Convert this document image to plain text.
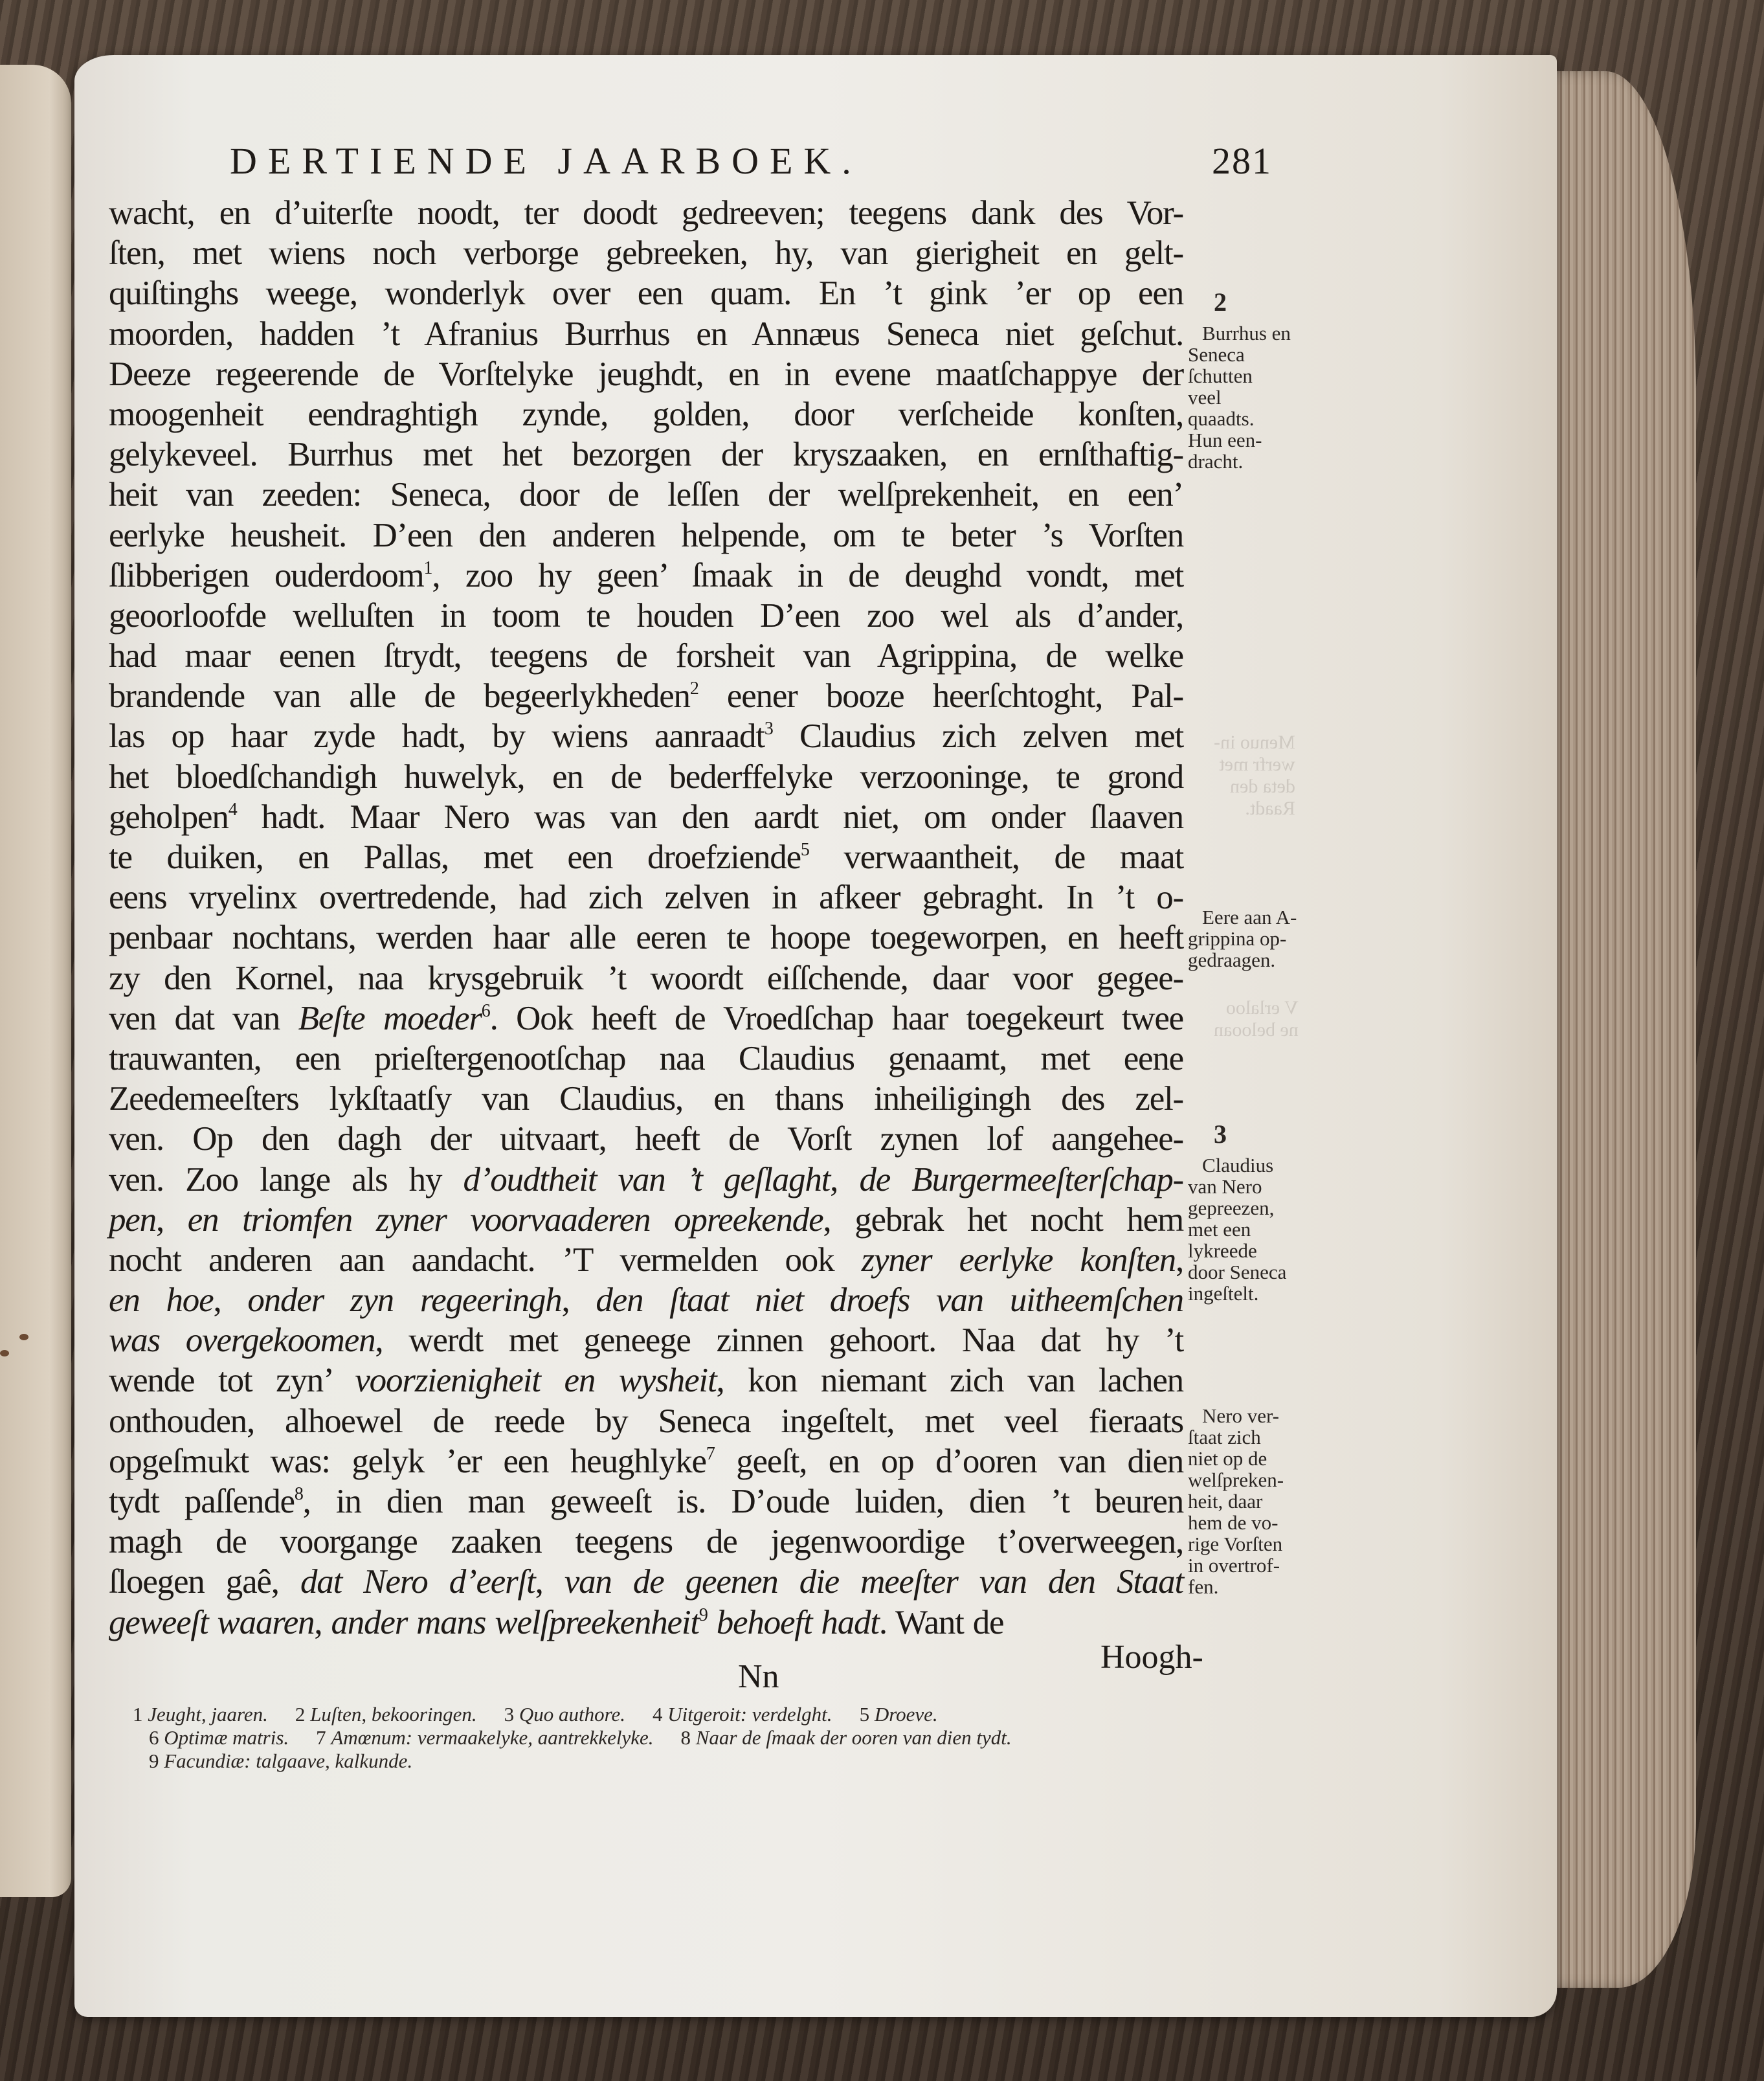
DERTIENDE JAARBOEK.	281
wacht, en d’uiterſte noodt, ter doodt gedreeven; teegens dank des Vor-
ſten, met wiens noch verborge gebreeken, hy, van gierigheit en gelt-
quiſtinghs weege, wonderlyk over een quam. En ’t gink ’er op een
moorden, hadden ’t Afranius Burrhus en Annæus Seneca niet geſchut.
Deeze regeerende de Vorſtelyke jeughdt, en in evene maatſchappye der
moogenheit eendraghtigh zynde, golden, door verſcheide konſten,
gelykeveel. Burrhus met het bezorgen der kryszaaken, en ernſthaftig-
heit van zeeden: Seneca, door de leſſen der welſprekenheit, en een’
eerlyke heusheit. D’een den anderen helpende, om te beter ’s Vorſten
ſlibberigen ouderdoom$^1$, zoo hy geen’ ſmaak in de deughd vondt, met
geoorloofde welluſten in toom te houden D’een zoo wel als d’ander,
had maar eenen ſtrydt, teegens de forsheit van Agrippina, de welke
brandende van alle de begeerlykheden$^2$ eener booze heerſchtoght, Pal-
las op haar zyde hadt, by wiens aanraadt$^3$ Claudius zich zelven met
het bloedſchandigh huwelyk, en de bederffelyke verzooninge, te grond
geholpen$^4$ hadt. Maar Nero was van den aardt niet, om onder ſlaaven
te duiken, en Pallas, met een droefziende$^5$ verwaantheit, de maat
eens vryelinx overtredende, had zich zelven in afkeer gebraght. In ’t o-
penbaar nochtans, werden haar alle eeren te hoope toegeworpen, en heeft
zy den Kornel, naa krysgebruik ’t woordt eiſſchende, daar voor gegee-
ven dat van Beſte moeder$^6$. Ook heeft de Vroedſchap haar toegekeurt twee
trauwanten, een prieſtergenootſchap naa Claudius genaamt, met eene
Zeedemeeſters lykſtaatſy van Claudius, en thans inheiligingh des zel-
ven. Op den dagh der uitvaart, heeft de Vorſt zynen lof aangehee-
ven. Zoo lange als hy d’oudtheit van ’t geſlaght, de Burgermeeſterſchap-
pen, en triomfen zyner voorvaaderen opreekende, gebrak het nocht hem
nocht anderen aan aandacht. ’T vermelden ook zyner eerlyke konſten,
en hoe, onder zyn regeeringh, den ſtaat niet droefs van uitheemſchen
was overgekoomen, werdt met geneege zinnen gehoort. Naa dat hy ’t
wende tot zyn’ voorzienigheit en wysheit, kon niemant zich van lachen
onthouden, alhoewel de reede by Seneca ingeſtelt, met veel fieraats
opgeſmukt was: gelyk ’er een heughlyke$^7$ geeſt, en op d’ooren van dien
tydt paſſende$^8$, in dien man geweeſt is. D’oude luiden, dien ’t beuren
magh de voorgange zaaken teegens de jegenwoordige t’overweegen,
ſloegen gaê, dat Nero d’eerſt, van de geenen die meeſter van den Staat
geweeſt waaren, ander mans welſpreekenheit$^9$ behoeft hadt. Want de
Menuo in-
werfr met
deta den
Raadt.
V erlaloo
ne belooan
2
Burrhus en
Seneca
ſchutten
veel
quaadts.
Hun een-
dracht.
Eere aan A-
grippina op-
gedraagen.
3
Claudius
van Nero
gepreezen,
met een
lykreede
door Seneca
ingeſtelt.
Nero ver-
ſtaat zich
niet op de
welſpreken-
heit, daar
hem de vo-
rige Vorſten
in overtrof-
fen.
Nn
Hoogh-
1 Jeught, jaaren. 2 Luſten, bekooringen. 3 Quo authore. 4 Uitgeroit: verdelght. 5 Droeve.
6 Optimæ matris. 7 Amœnum: vermaakelyke, aantrekkelyke. 8 Naar de ſmaak der ooren van dien tydt.
9 Facundiæ: talgaave, kalkunde.
